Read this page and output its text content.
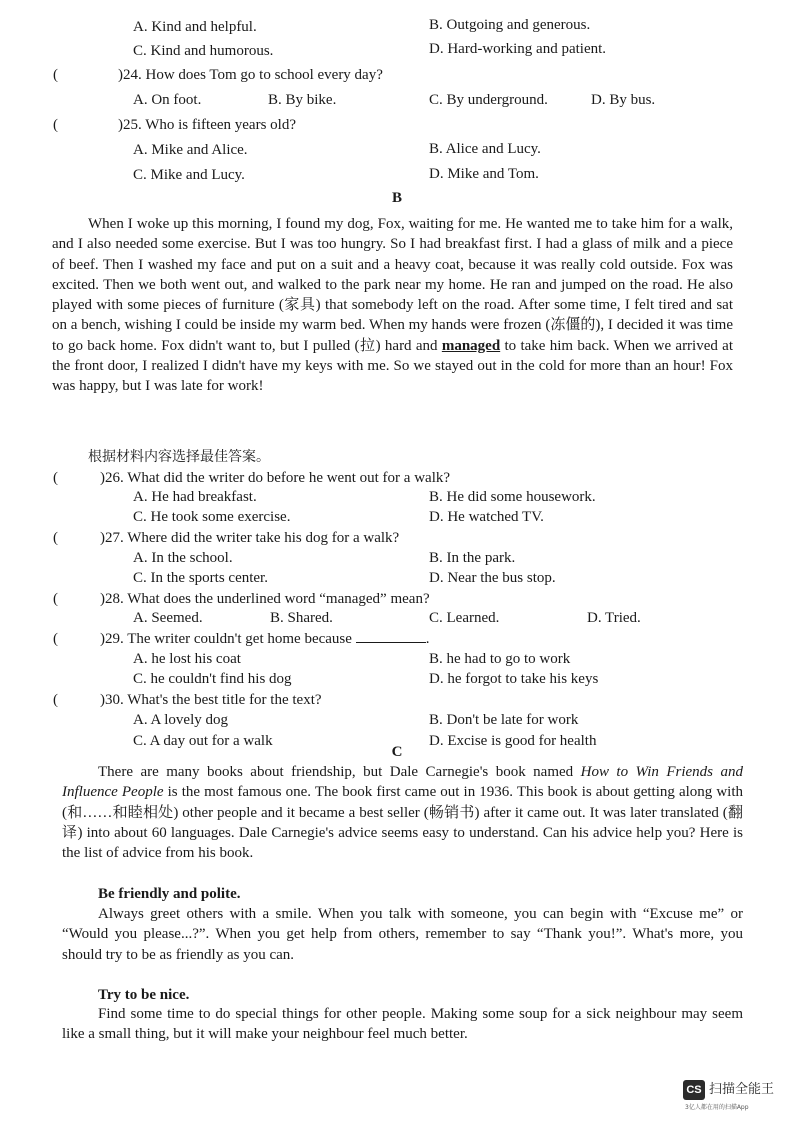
A. Kind and helpful.	B. Outgoing and generous.
C. Kind and humorous.	D. Hard-working and patient.
(	)24. How does Tom go to school every day?
A. On foot.	B. By bike.	C. By underground.	D. By bus.
(	)25. Who is fifteen years old?
A. Mike and Alice.	B. Alice and Lucy.
C. Mike and Lucy.	D. Mike and Tom.
B
When I woke up this morning, I found my dog, Fox, waiting for me. He wanted me to take him for a walk, and I also needed some exercise. But I was too hungry. So I had breakfast first. I had a glass of milk and a piece of beef. Then I washed my face and put on a suit and a heavy coat, because it was really cold outside. Fox was excited. Then we both went out, and walked to the park near my home. He ran and jumped on the road. He also played with some pieces of furniture (家具) that somebody left on the road. After some time, I felt tired and sat on a bench, wishing I could be inside my warm bed. When my hands were frozen (冻僵的), I decided it was time to go back home. Fox didn't want to, but I pulled (拉) hard and managed to take him back. When we arrived at the front door, I realized I didn't have my keys with me. So we stayed out in the cold for more than an hour! Fox was happy, but I was late for work!
根据材料内容选择最佳答案。
(	)26. What did the writer do before he went out for a walk?
A. He had breakfast.	B. He did some housework.
C. He took some exercise.	D. He watched TV.
(	)27. Where did the writer take his dog for a walk?
A. In the school.	B. In the park.
C. In the sports center.	D. Near the bus stop.
(	)28. What does the underlined word “managed” mean?
A. Seemed.	B. Shared.	C. Learned.	D. Tried.
(	)29. The writer couldn't get home because	.
A. he lost his coat	B. he had to go to work
C. he couldn't find his dog	D. he forgot to take his keys
(	)30. What's the best title for the text?
A. A lovely dog	B. Don't be late for work
C. A day out for a walk	D. Excise is good for health
C
There are many books about friendship, but Dale Carnegie's book named How to Win Friends and Influence People is the most famous one. The book first came out in 1936. This book is about getting along with (和……和睦相处) other people and it became a best seller (畅销书) after it came out. It was later translated (翻译) into about 60 languages. Dale Carnegie's advice seems easy to understand. Can his advice help you? Here is the list of advice from his book.
Be friendly and polite.
Always greet others with a smile. When you talk with someone, you can begin with “Excuse me” or “Would you please...?”. When you get help from others, remember to say “Thank you!”. What's more, you should try to be as friendly as you can.
Try to be nice.
Find some time to do special things for other people. Making some soup for a sick neighbour may seem like a small thing, but it will make your neighbour feel much better.
CS 扫描全能王
3亿人都在用的扫描App
